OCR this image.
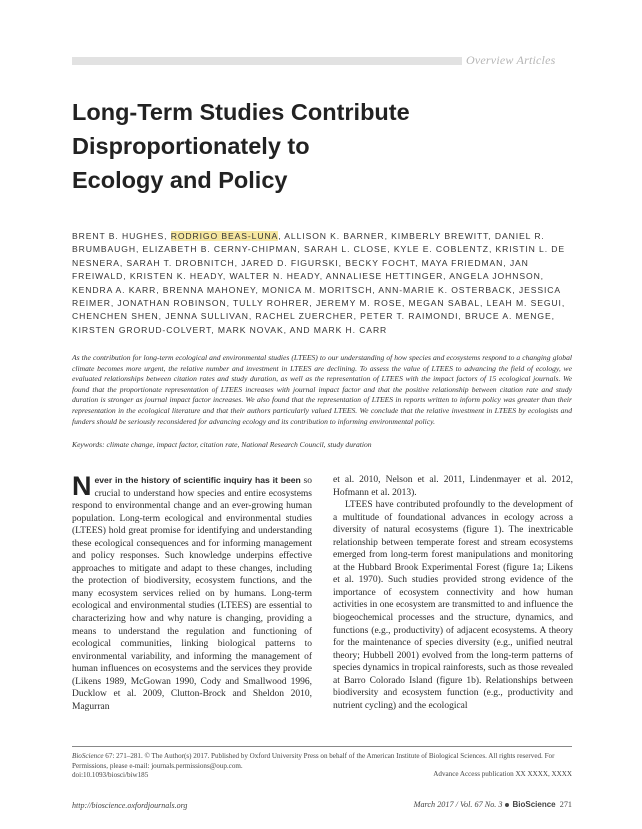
Overview Articles
Long-Term Studies Contribute
Disproportionately to
Ecology and Policy
BRENT B. HUGHES, RODRIGO BEAS-LUNA, ALLISON K. BARNER, KIMBERLY BREWITT, DANIEL R. BRUMBAUGH, ELIZABETH B. CERNY-CHIPMAN, SARAH L. CLOSE, KYLE E. COBLENTZ, KRISTIN L. DE NESNERA, SARAH T. DROBNITCH, JARED D. FIGURSKI, BECKY FOCHT, MAYA FRIEDMAN, JAN FREIWALD, KRISTEN K. HEADY, WALTER N. HEADY, ANNALIESE HETTINGER, ANGELA JOHNSON, KENDRA A. KARR, BRENNA MAHONEY, MONICA M. MORITSCH, ANN-MARIE K. OSTERBACK, JESSICA REIMER, JONATHAN ROBINSON, TULLY ROHRER, JEREMY M. ROSE, MEGAN SABAL, LEAH M. SEGUI, CHENCHEN SHEN, JENNA SULLIVAN, RACHEL ZUERCHER, PETER T. RAIMONDI, BRUCE A. MENGE, KIRSTEN GRORUD-COLVERT, MARK NOVAK, AND MARK H. CARR
As the contribution for long-term ecological and environmental studies (LTEES) to our understanding of how species and ecosystems respond to a changing global climate becomes more urgent, the relative number and investment in LTEES are declining. To assess the value of LTEES to advancing the field of ecology, we evaluated relationships between citation rates and study duration, as well as the representation of LTEES with the impact factors of 15 ecological journals. We found that the proportionate representation of LTEES increases with journal impact factor and that the positive relationship between citation rate and study duration is stronger as journal impact factor increases. We also found that the representation of LTEES in reports written to inform policy was greater than their representation in the ecological literature and that their authors particularly valued LTEES. We conclude that the relative investment in LTEES by ecologists and funders should be seriously reconsidered for advancing ecology and its contribution to informing environmental policy.
Keywords: climate change, impact factor, citation rate, National Research Council, study duration

Never in the history of scientific inquiry has it been so crucial to understand how species and entire ecosystems respond to environmental change and an ever-growing human population. Long-term ecological and environmental studies (LTEES) hold great promise for identifying and understanding these ecological consequences and for informing management and policy responses. Such knowledge underpins effective approaches to mitigate and adapt to these changes, including the protection of biodiversity, ecosystem functions, and the many ecosystem services relied on by humans. Long-term ecological and environmental studies (LTEES) are essential to characterizing how and why nature is changing, providing a means to understand the regulation and functioning of ecological communities, linking biological patterns to environmental variability, and informing the management of human influences on ecosystems and the services they provide (Likens 1989, McGowan 1990, Cody and Smallwood 1996, Ducklow et al. 2009, Clutton-Brock and Sheldon 2010, Magurran

et al. 2010, Nelson et al. 2011, Lindenmayer et al. 2012, Hofmann et al. 2013).

LTEES have contributed profoundly to the development of a multitude of foundational advances in ecology across a diversity of natural ecosystems (figure 1). The inextricable relationship between temperate forest and stream ecosystems emerged from long-term forest manipulations and monitoring at the Hubbard Brook Experimental Forest (figure 1a; Likens et al. 1970). Such studies provided strong evidence of the importance of ecosystem connectivity and how human activities in one ecosystem are transmitted to and influence the biogeochemical processes and the structure, dynamics, and functions (e.g., productivity) of adjacent ecosystems. A theory for the maintenance of species diversity (e.g., unified neutral theory; Hubbell 2001) evolved from the long-term patterns of species dynamics in tropical rainforests, such as those revealed at Barro Colorado Island (figure 1b). Relationships between biodiversity and ecosystem function (e.g., productivity and nutrient cycling) and the ecological

BioScience 67: 271–281. © The Author(s) 2017. Published by Oxford University Press on behalf of the American Institute of Biological Sciences. All rights reserved. For Permissions, please e-mail: journals.permissions@oup.com.
doi:10.1093/biosci/biw185	Advance Access publication XX XXXX, XXXX
http://bioscience.oxfordjournals.org	March 2017 / Vol. 67 No. 3 BioScience 271
